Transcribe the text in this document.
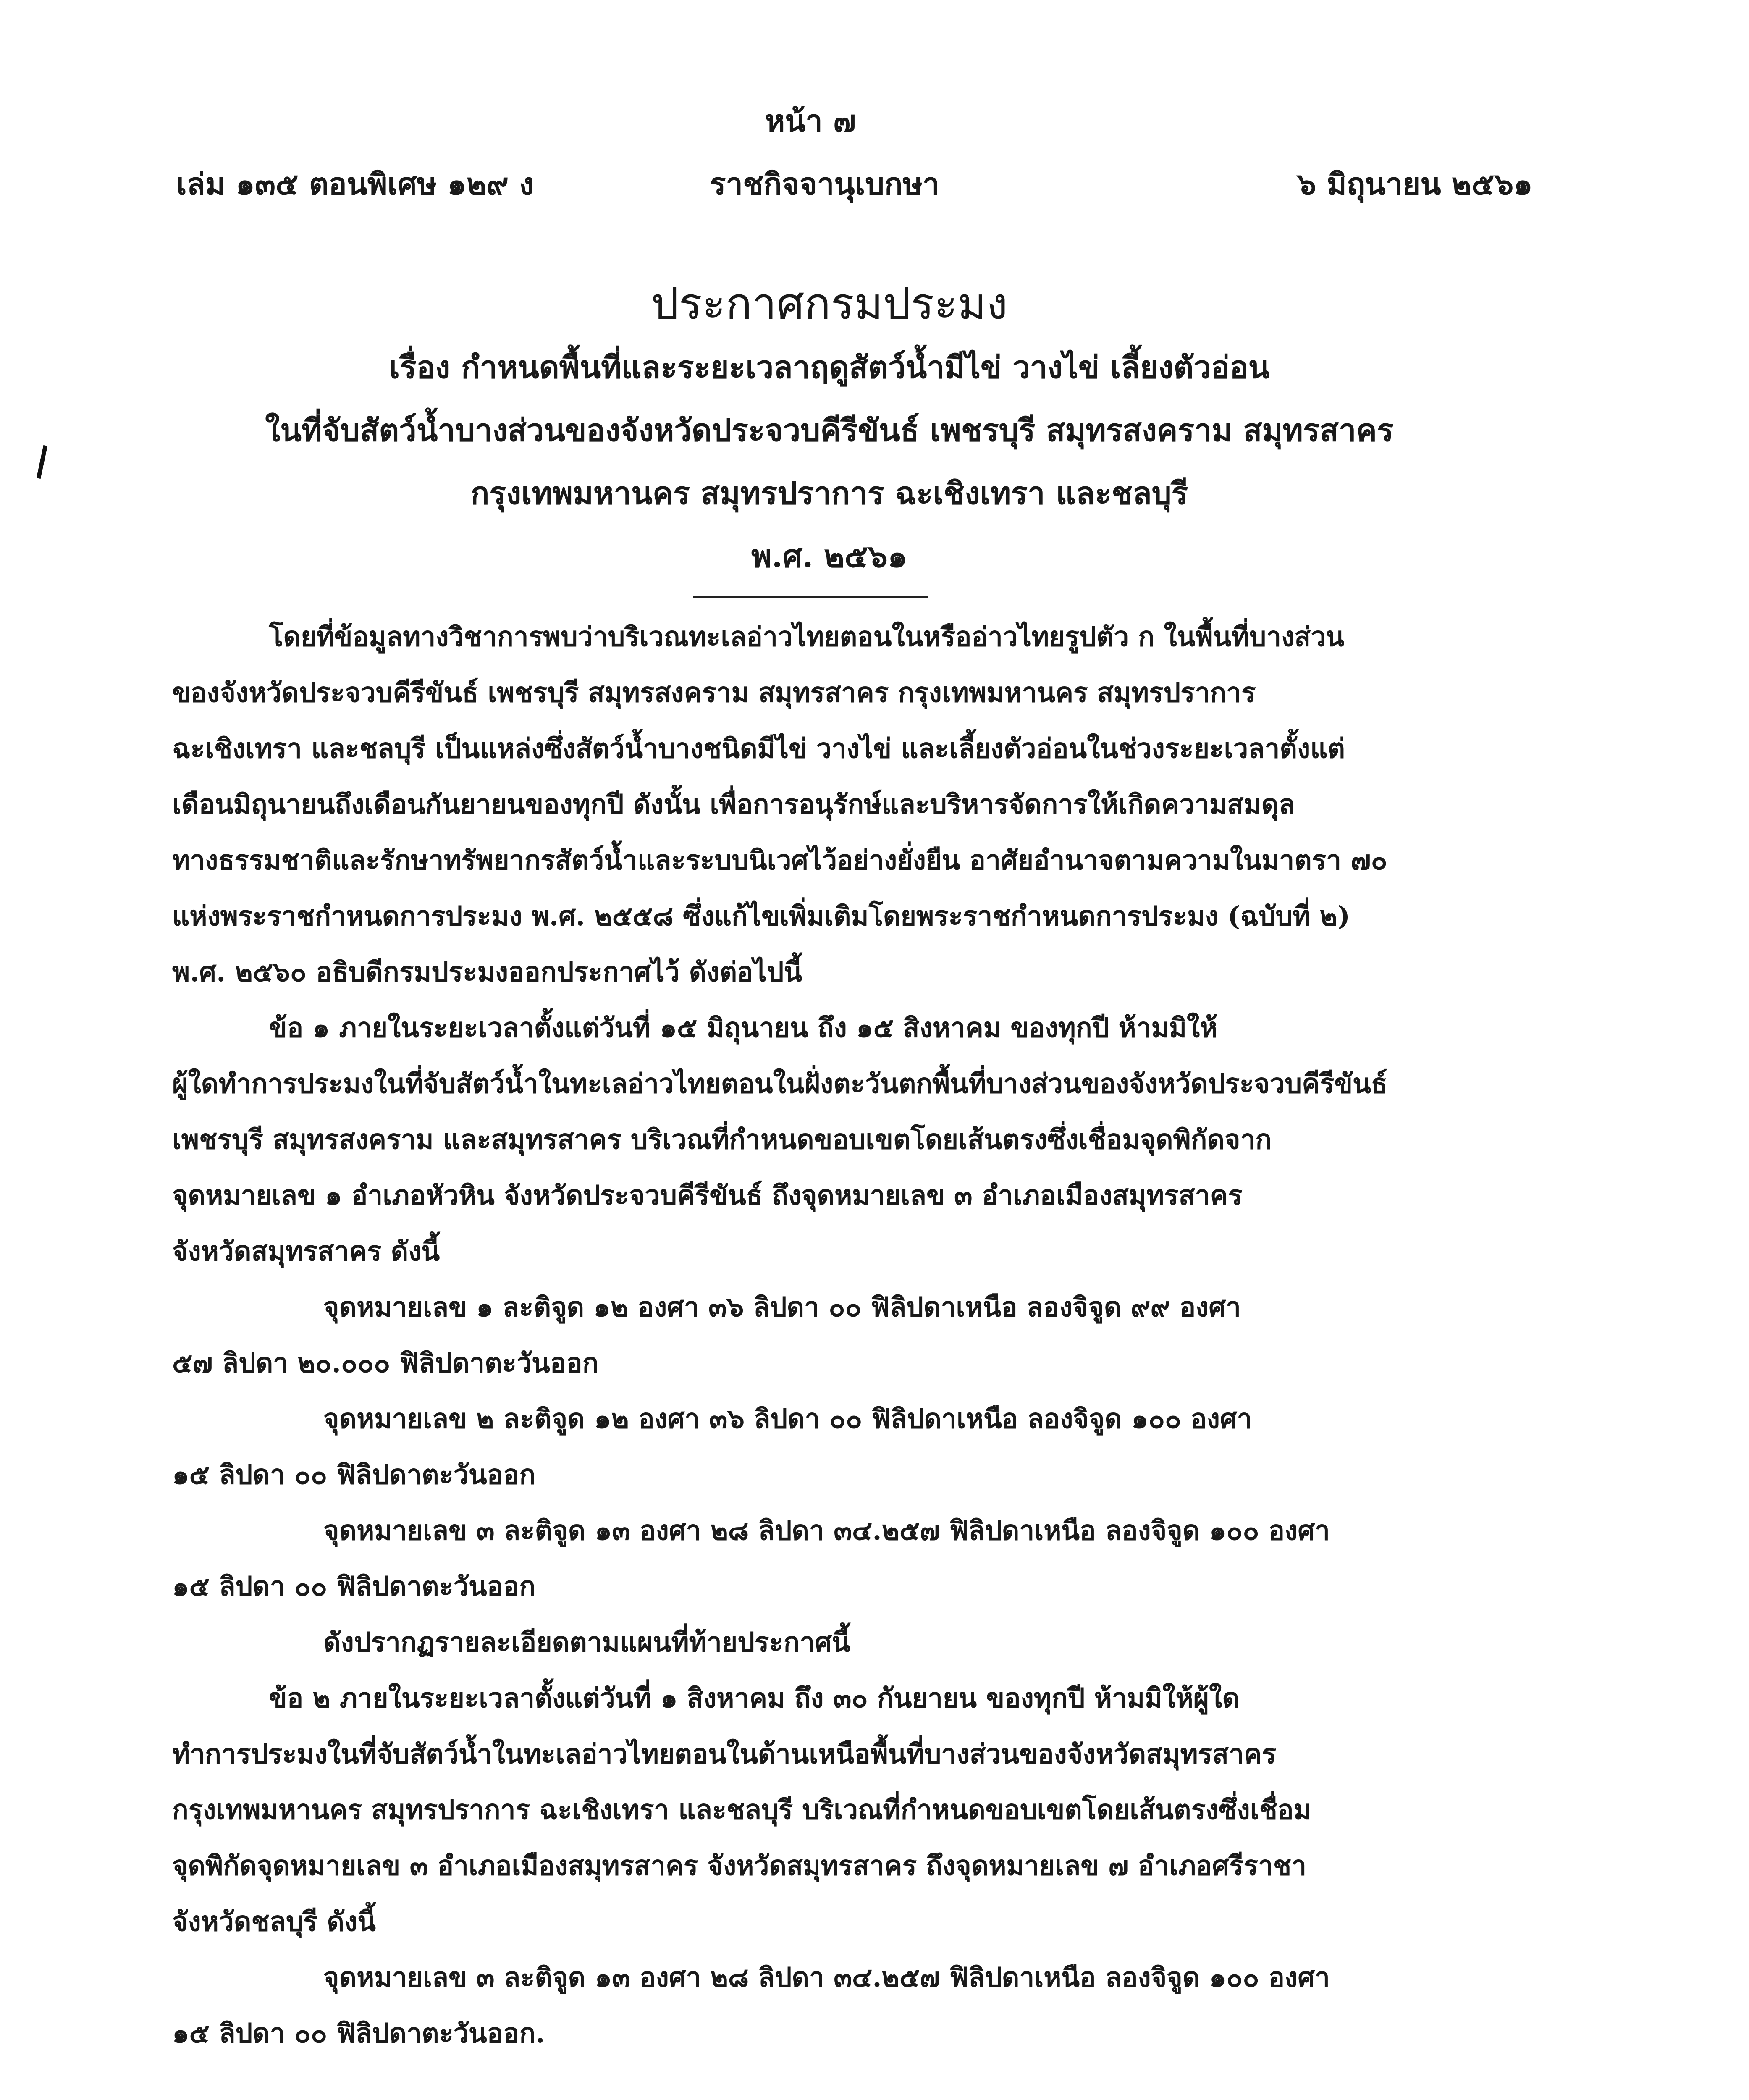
หน้า ๗
เล่ม ๑๓๕ ตอนพิเศษ ๑๒๙ ง	ราชกิจจานุเบกษา	๖ มิถุนายน ๒๕๖๑
ประกาศกรมประมง
เรื่อง กำหนดพื้นที่และระยะเวลาฤดูสัตว์น้ำมีไข่ วางไข่ เลี้ยงตัวอ่อน
ในที่จับสัตว์น้ำบางส่วนของจังหวัดประจวบคีรีขันธ์ เพชรบุรี สมุทรสงคราม สมุทรสาคร
กรุงเทพมหานคร สมุทรปราการ ฉะเชิงเทรา และชลบุรี
พ.ศ. ๒๕๖๑
โดยที่ข้อมูลทางวิชาการพบว่าบริเวณทะเลอ่าวไทยตอนในหรืออ่าวไทยรูปตัว ก ในพื้นที่บางส่วน
ของจังหวัดประจวบคีรีขันธ์ เพชรบุรี สมุทรสงคราม สมุทรสาคร กรุงเทพมหานคร สมุทรปราการ
ฉะเชิงเทรา และชลบุรี เป็นแหล่งซึ่งสัตว์น้ำบางชนิดมีไข่ วางไข่ และเลี้ยงตัวอ่อนในช่วงระยะเวลาตั้งแต่
เดือนมิถุนายนถึงเดือนกันยายนของทุกปี ดังนั้น เพื่อการอนุรักษ์และบริหารจัดการให้เกิดความสมดุล
ทางธรรมชาติและรักษาทรัพยากรสัตว์น้ำและระบบนิเวศไว้อย่างยั่งยืน อาศัยอำนาจตามความในมาตรา ๗๐
แห่งพระราชกำหนดการประมง พ.ศ. ๒๕๕๘ ซึ่งแก้ไขเพิ่มเติมโดยพระราชกำหนดการประมง (ฉบับที่ ๒)
พ.ศ. ๒๕๖๐ อธิบดีกรมประมงออกประกาศไว้ ดังต่อไปนี้
ข้อ ๑ ภายในระยะเวลาตั้งแต่วันที่ ๑๕ มิถุนายน ถึง ๑๕ สิงหาคม ของทุกปี ห้ามมิให้
ผู้ใดทำการประมงในที่จับสัตว์น้ำในทะเลอ่าวไทยตอนในฝั่งตะวันตกพื้นที่บางส่วนของจังหวัดประจวบคีรีขันธ์
เพชรบุรี สมุทรสงคราม และสมุทรสาคร บริเวณที่กำหนดขอบเขตโดยเส้นตรงซึ่งเชื่อมจุดพิกัดจาก
จุดหมายเลข ๑ อำเภอหัวหิน จังหวัดประจวบคีรีขันธ์ ถึงจุดหมายเลข ๓ อำเภอเมืองสมุทรสาคร
จังหวัดสมุทรสาคร ดังนี้
จุดหมายเลข ๑ ละติจูด ๑๒ องศา ๓๖ ลิปดา ๐๐ ฟิลิปดาเหนือ ลองจิจูด ๙๙ องศา
๕๗ ลิปดา ๒๐.๐๐๐ ฟิลิปดาตะวันออก
จุดหมายเลข ๒ ละติจูด ๑๒ องศา ๓๖ ลิปดา ๐๐ ฟิลิปดาเหนือ ลองจิจูด ๑๐๐ องศา
๑๕ ลิปดา ๐๐ ฟิลิปดาตะวันออก
จุดหมายเลข ๓ ละติจูด ๑๓ องศา ๒๘ ลิปดา ๓๔.๒๕๗ ฟิลิปดาเหนือ ลองจิจูด ๑๐๐ องศา
๑๕ ลิปดา ๐๐ ฟิลิปดาตะวันออก
ดังปรากฏรายละเอียดตามแผนที่ท้ายประกาศนี้
ข้อ ๒ ภายในระยะเวลาตั้งแต่วันที่ ๑ สิงหาคม ถึง ๓๐ กันยายน ของทุกปี ห้ามมิให้ผู้ใด
ทำการประมงในที่จับสัตว์น้ำในทะเลอ่าวไทยตอนในด้านเหนือพื้นที่บางส่วนของจังหวัดสมุทรสาคร
กรุงเทพมหานคร สมุทรปราการ ฉะเชิงเทรา และชลบุรี บริเวณที่กำหนดขอบเขตโดยเส้นตรงซึ่งเชื่อม
จุดพิกัดจุดหมายเลข ๓ อำเภอเมืองสมุทรสาคร จังหวัดสมุทรสาคร ถึงจุดหมายเลข ๗ อำเภอศรีราชา
จังหวัดชลบุรี ดังนี้
จุดหมายเลข ๓ ละติจูด ๑๓ องศา ๒๘ ลิปดา ๓๔.๒๕๗ ฟิลิปดาเหนือ ลองจิจูด ๑๐๐ องศา
๑๕ ลิปดา ๐๐ ฟิลิปดาตะวันออก.
